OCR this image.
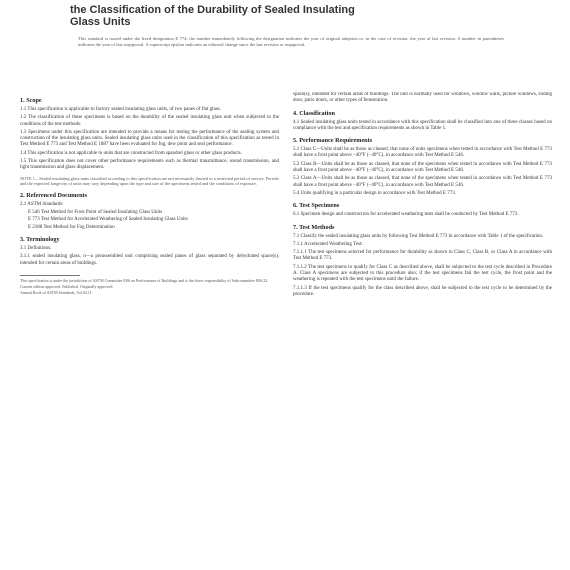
the Classification of the Durability of Sealed Insulating
Glass Units
This standard is issued under the fixed designation E 774; the number immediately following the designation indicates the year of original adoption or, in the case of revision, the year of last revision. A number in parentheses indicates the year of last reapproval. A superscript epsilon indicates an editorial change since the last revision or reapproval.
1. Scope
1.1 This specification is applicable to factory sealed insulating glass units, of two panes of flat glass.
1.2 The classification of these specimens is based on the durability of the sealed insulating glass unit when subjected to the conditions of the test methods.
1.3 Specimens under this specification are intended to provide a means for testing the performance of the sealing system and construction of the insulating glass units. Sealed insulating glass units used in the classification of this specification as tested in Test Method E 773 and Test Method E 1887 have been evaluated for fog, dew point and seal performance.
1.4 This specification is not applicable to units that are constructed from spandrel glass or other glass products.
1.5 This specification does not cover other performance requirements such as thermal transmittance, sound transmission, and light transmission and glass displacement.
NOTE 1—Sealed insulating glass units classified according to this specification are not necessarily limited to a restricted period of service. Periods and the expected longevity of units may vary depending upon the type and size of the specimens tested and the conditions of exposure.
2. Referenced Documents
2.1 ASTM Standards:
E 546 Test Method for Frost Point of Sealed Insulating Glass Units
E 773 Test Method for Accelerated Weathering of Sealed Insulating Glass Units
E 2188 Test Method for Fog Determination
3. Terminology
3.1 Definitions:
3.1.1 sealed insulating glass, n—a preassembled unit comprising sealed panes of glass separated by dehydrated space(s), intended for certain areas of buildings.
This specification is under the jurisdiction of ASTM Committee E06 on Performance of Buildings and is the direct responsibility of Subcommittee E06.22.
Current edition approved. Published. Originally approved.
Annual Book of ASTM Standards, Vol 04.11.
space(s), intended for certain areas of buildings. The unit is normally used for windows, window walls, picture windows, sliding door, patio doors, or other types of fenestration.
4. Classification
4.1 Sealed insulating glass units tested in accordance with this specification shall be classified into one of three classes based on compliance with the test and specification requirements as shown in Table 1.
5. Performance Requirements
5.1 Class C—Units shall be as those as classed, that none of units specimens when tested in accordance with Test Method E 773 shall have a frost point above −40°F (−40°C), in accordance with Test Method E 546.
5.2 Class B—Units shall be as those as classed, that none of the specimens when tested in accordance with Test Method E 773 shall have a frost point above −40°F (−40°C), in accordance with Test Method E 546.
5.3 Class A—Units shall be as those as classed, that none of the specimens when tested in accordance with Test Method E 773 shall have a frost point above −40°F (−40°C), in accordance with Test Method E 546.
5.4 Units qualifying in a particular design in accordance with Test Method E 773.
6. Test Specimens
6.1 Specimen design and construction for accelerated weathering tests shall be conducted by Test Method E 773.
7. Test Methods
7.1 Classify the sealed insulating glass units by following Test Method E 773 in accordance with Table 1 of the specification.
7.1.1 Accelerated Weathering Test:
7.1.1.1 The test specimens selected for performance for durability as shown in Class C, Class B, or Class A in accordance with Test Method E 773.
7.1.1.2 The test specimens to qualify for Class C as described above, shall be subjected to the test cycle described in Procedure A. Class A specimens are subjected to this procedure also; if the test specimens fail the test cycle, the frost point and the weathering is repeated with the test specimens until the failure.
7.1.1.3 If the test specimens qualify for the class described above, shall be subjected to the test cycle to be determined by the procedure.
